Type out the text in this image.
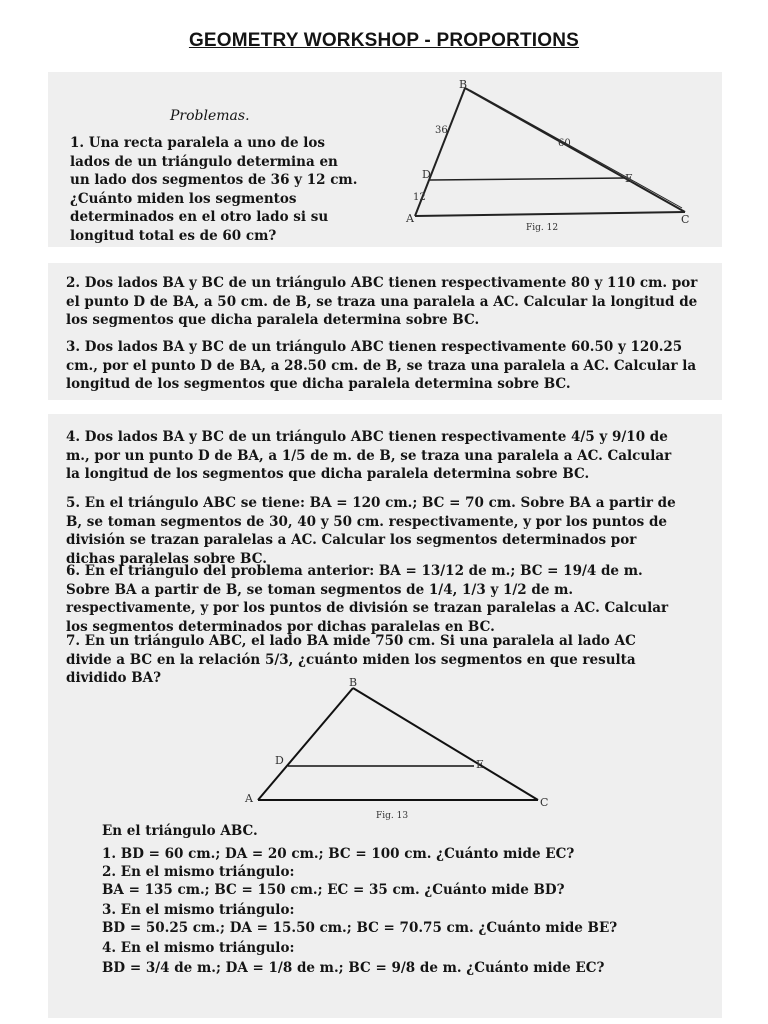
GEOMETRY WORKSHOP - PROPORTIONS
Problemas.
1. Una recta paralela a uno de los lados de un triángulo determina en un lado dos segmentos de 36 y 12 cm. ¿Cuánto miden los segmentos determinados en el otro lado si su longitud total es de 60 cm?
B
A	C
D	E
36
12
60
Fig. 12
2. Dos lados BA y BC de un triángulo ABC tienen respectivamente 80 y 110 cm. por el punto D de BA, a 50 cm. de B, se traza una paralela a AC. Calcular la longitud de los segmentos que dicha paralela determina sobre BC.
3. Dos lados BA y BC de un triángulo ABC tienen respectivamente 60.50 y 120.25 cm., por el punto D de BA, a 28.50 cm. de B, se traza una paralela a AC. Calcular la longitud de los segmentos que dicha paralela determina sobre BC.
4. Dos lados BA y BC de un triángulo ABC tienen respectivamente 4/5 y 9/10 de m., por un punto D de BA, a 1/5 de m. de B, se traza una paralela a AC. Calcular la longitud de los segmentos que dicha paralela determina sobre BC.
5. En el triángulo ABC se tiene: BA = 120 cm.; BC = 70 cm. Sobre BA a partir de B, se toman segmentos de 30, 40 y 50 cm. respectivamente, y por los puntos de división se trazan paralelas a AC. Calcular los segmentos determinados por dichas paralelas sobre BC.
6. En el triángulo del problema anterior: BA = 13/12 de m.; BC = 19/4 de m. Sobre BA a partir de B, se toman segmentos de 1/4, 1/3 y 1/2 de m. respectivamente, y por los puntos de división se trazan paralelas a AC. Calcular los segmentos determinados por dichas paralelas en BC.
7. En un triángulo ABC, el lado BA mide 750 cm. Si una paralela al lado AC divide a BC en la relación 5/3, ¿cuánto miden los segmentos en que resulta dividido BA?	B
A	C
D	E
Fig. 13
En el triángulo ABC.
1. BD = 60 cm.; DA = 20 cm.; BC = 100 cm. ¿Cuánto mide EC?
2. En el mismo triángulo:
BA = 135 cm.; BC = 150 cm.; EC = 35 cm. ¿Cuánto mide BD?
3. En el mismo triángulo:
BD = 50.25 cm.; DA = 15.50 cm.; BC = 70.75 cm. ¿Cuánto mide BE?
4. En el mismo triángulo:
BD = 3/4 de m.; DA = 1/8 de m.; BC = 9/8 de m. ¿Cuánto mide EC?
